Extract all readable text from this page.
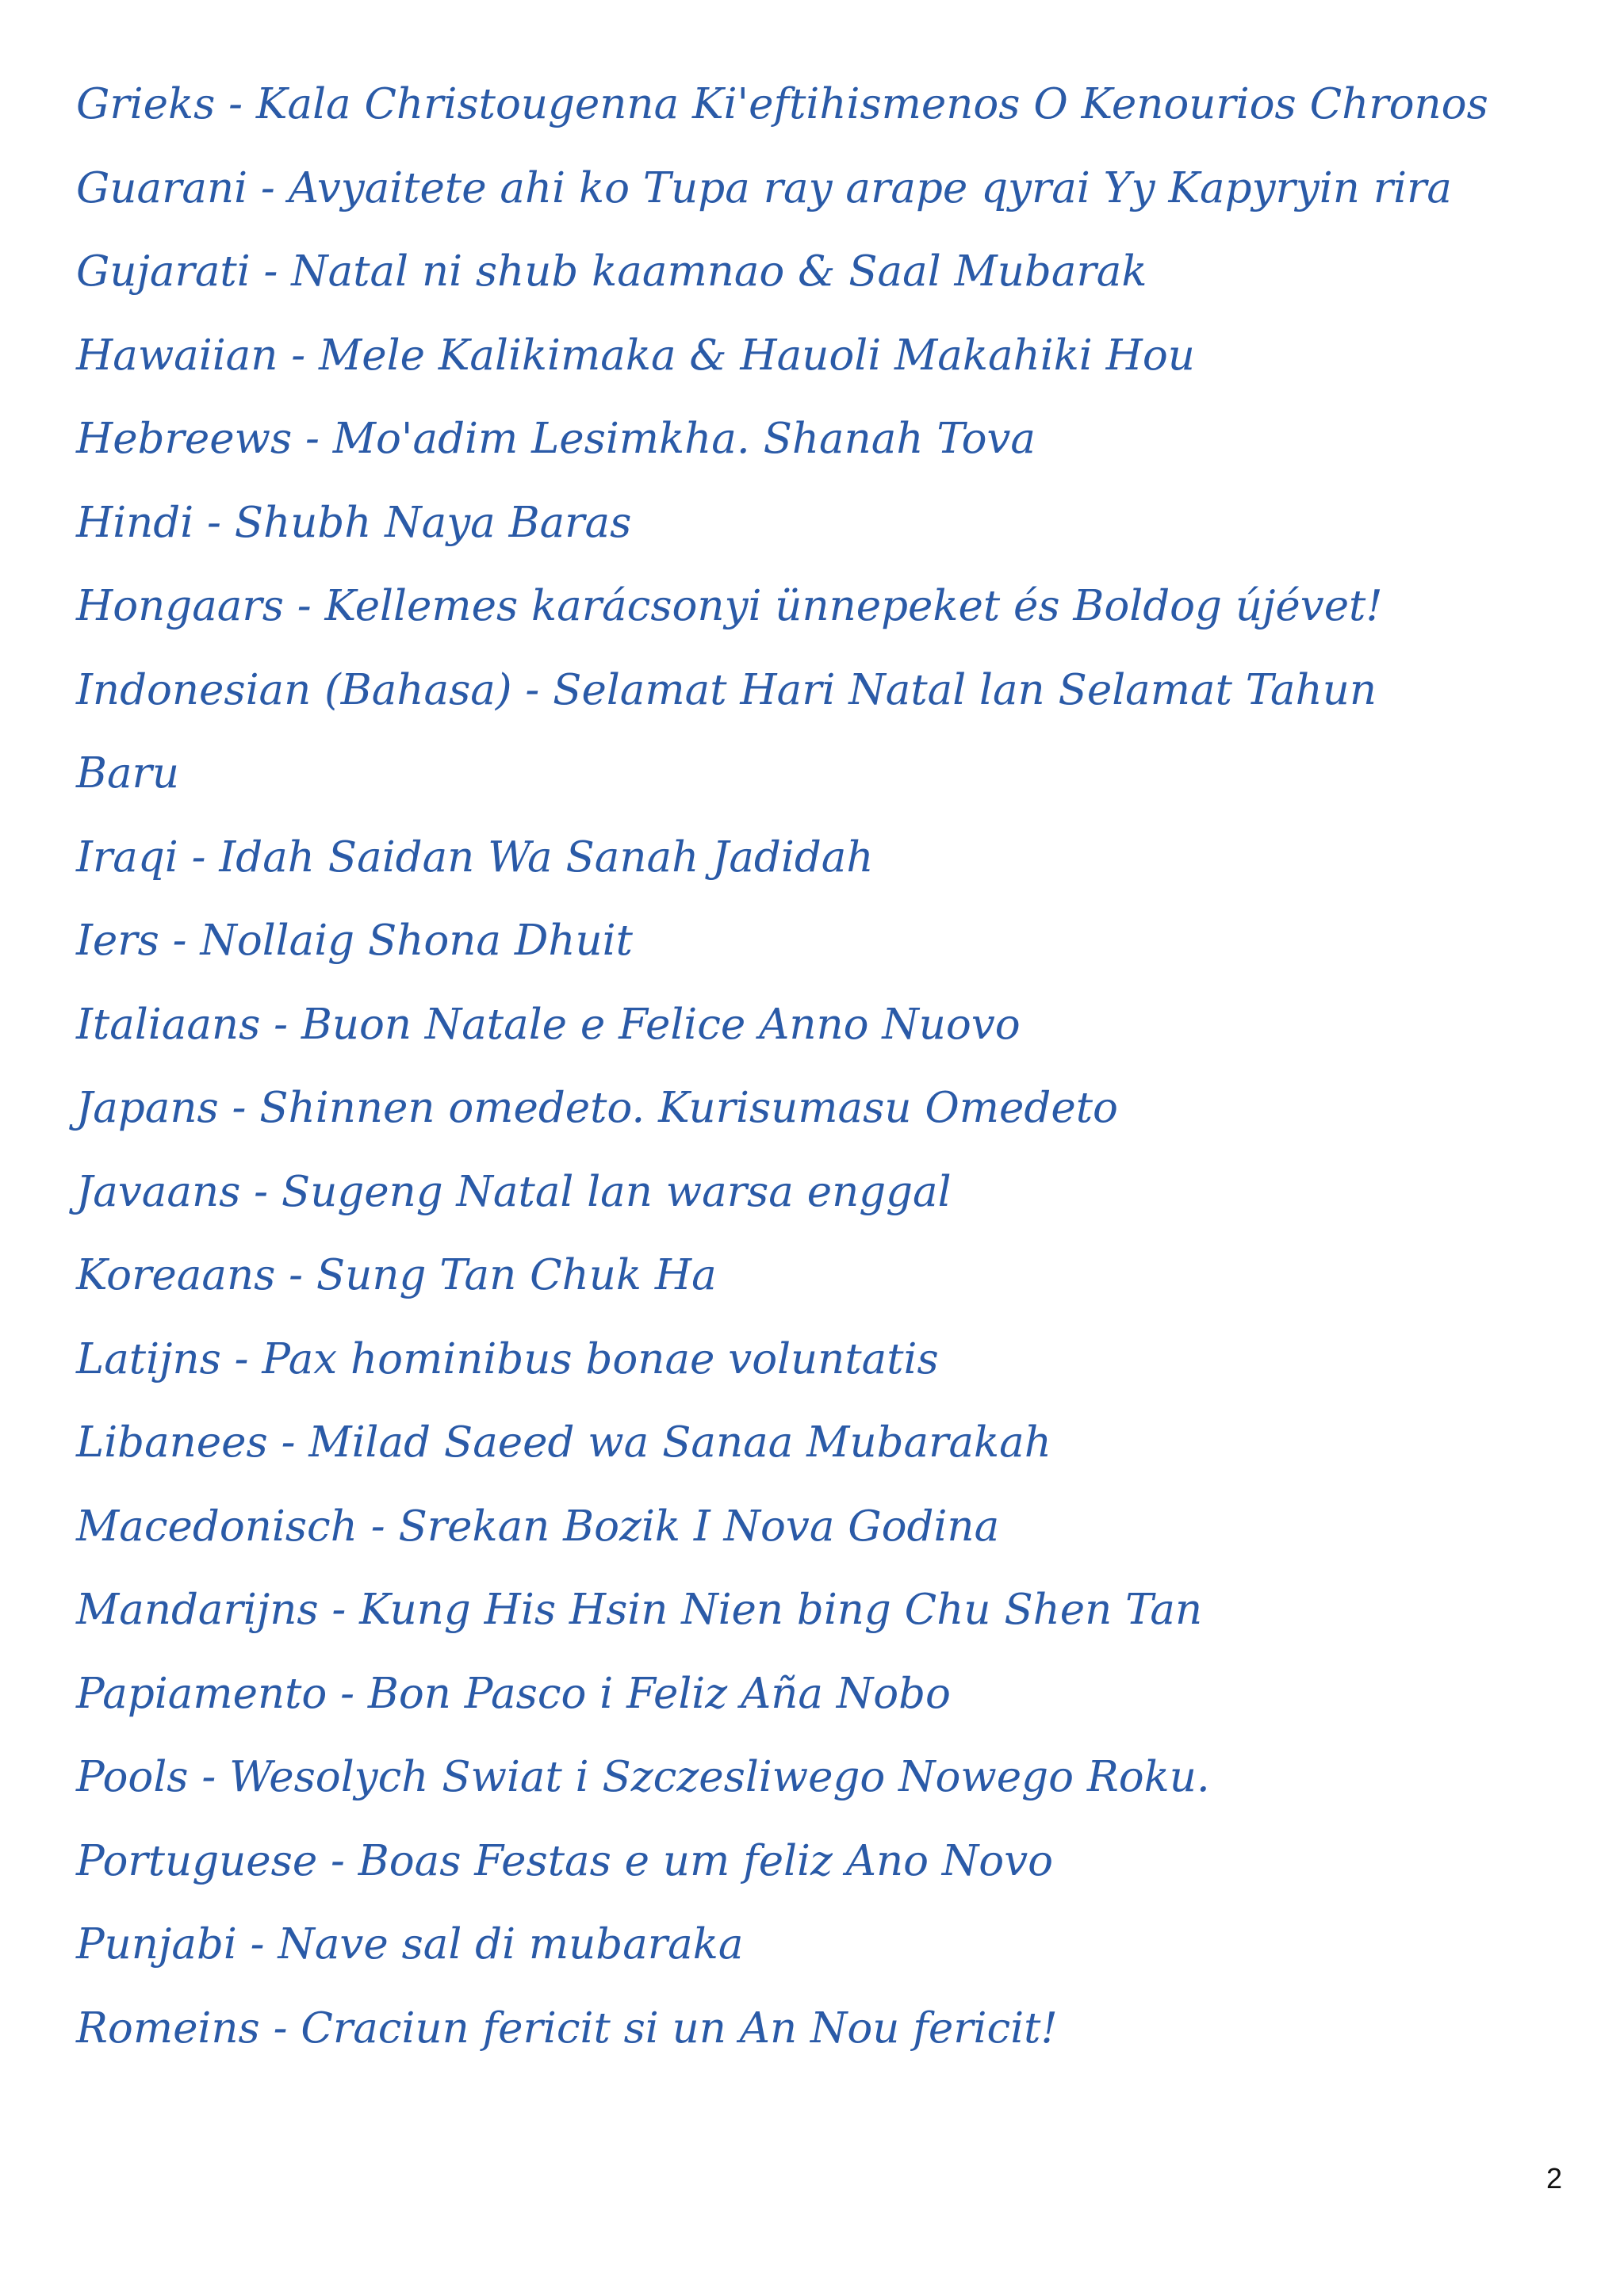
Grieks - Kala Christougenna Ki'eftihismenos O Kenourios Chronos

Guarani - Avyaitete ahi ko Tupa ray arape qyrai Yy Kapyryin rira

Gujarati - Natal ni shub kaamnao & Saal Mubarak

Hawaiian - Mele Kalikimaka & Hauoli Makahiki Hou

Hebreews - Mo'adim Lesimkha. Shanah Tova

Hindi - Shubh Naya Baras

Hongaars - Kellemes karácsonyi ünnepeket és Boldog újévet!

Indonesian (Bahasa) - Selamat Hari Natal lan Selamat Tahun

Baru

Iraqi - Idah Saidan Wa Sanah Jadidah

Iers - Nollaig Shona Dhuit

Italiaans - Buon Natale e Felice Anno Nuovo

Japans - Shinnen omedeto. Kurisumasu Omedeto

Javaans - Sugeng Natal lan warsa enggal

Koreaans - Sung Tan Chuk Ha

Latijns - Pax hominibus bonae voluntatis

Libanees - Milad Saeed wa Sanaa Mubarakah

Macedonisch - Srekan Bozik I Nova Godina

Mandarijns - Kung His Hsin Nien bing Chu Shen Tan

Papiamento - Bon Pasco i Feliz Aña Nobo

Pools - Wesolych Swiat i Szczesliwego Nowego Roku.

Portuguese - Boas Festas e um feliz Ano Novo

Punjabi - Nave sal di mubaraka

Romeins - Craciun fericit si un An Nou fericit!

2
